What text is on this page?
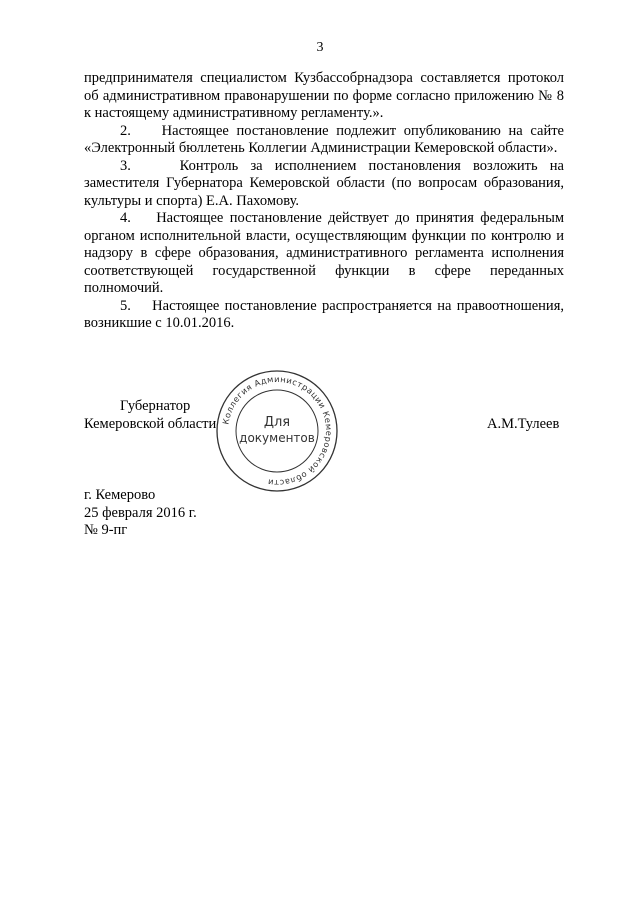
3

предпринимателя специалистом Кузбассобрнадзора составляется протокол об административном правонарушении по форме согласно приложению № 8 к настоящему административному регламенту.».

2.    Настоящее постановление подлежит опубликованию на сайте «Электронный бюллетень Коллегии Администрации Кемеровской области».

3.    Контроль за исполнением постановления возложить на заместителя Губернатора Кемеровской области (по вопросам образования, культуры и спорта) Е.А. Пахомову.

4.    Настоящее постановление действует до принятия федеральным органом исполнительной власти, осуществляющим функции по контролю и надзору в сфере образования, административного регламента исполнения соответствующей государственной функции в сфере переданных полномочий.

5.    Настоящее постановление распространяется на правоотношения, возникшие с 10.01.2016.

Губернатор
Кемеровской области	А.М.Тулеев
Коллегия Администрации Кемеровской области
Для
документов
г. Кемерово
25 февраля 2016 г.
№ 9-пг
